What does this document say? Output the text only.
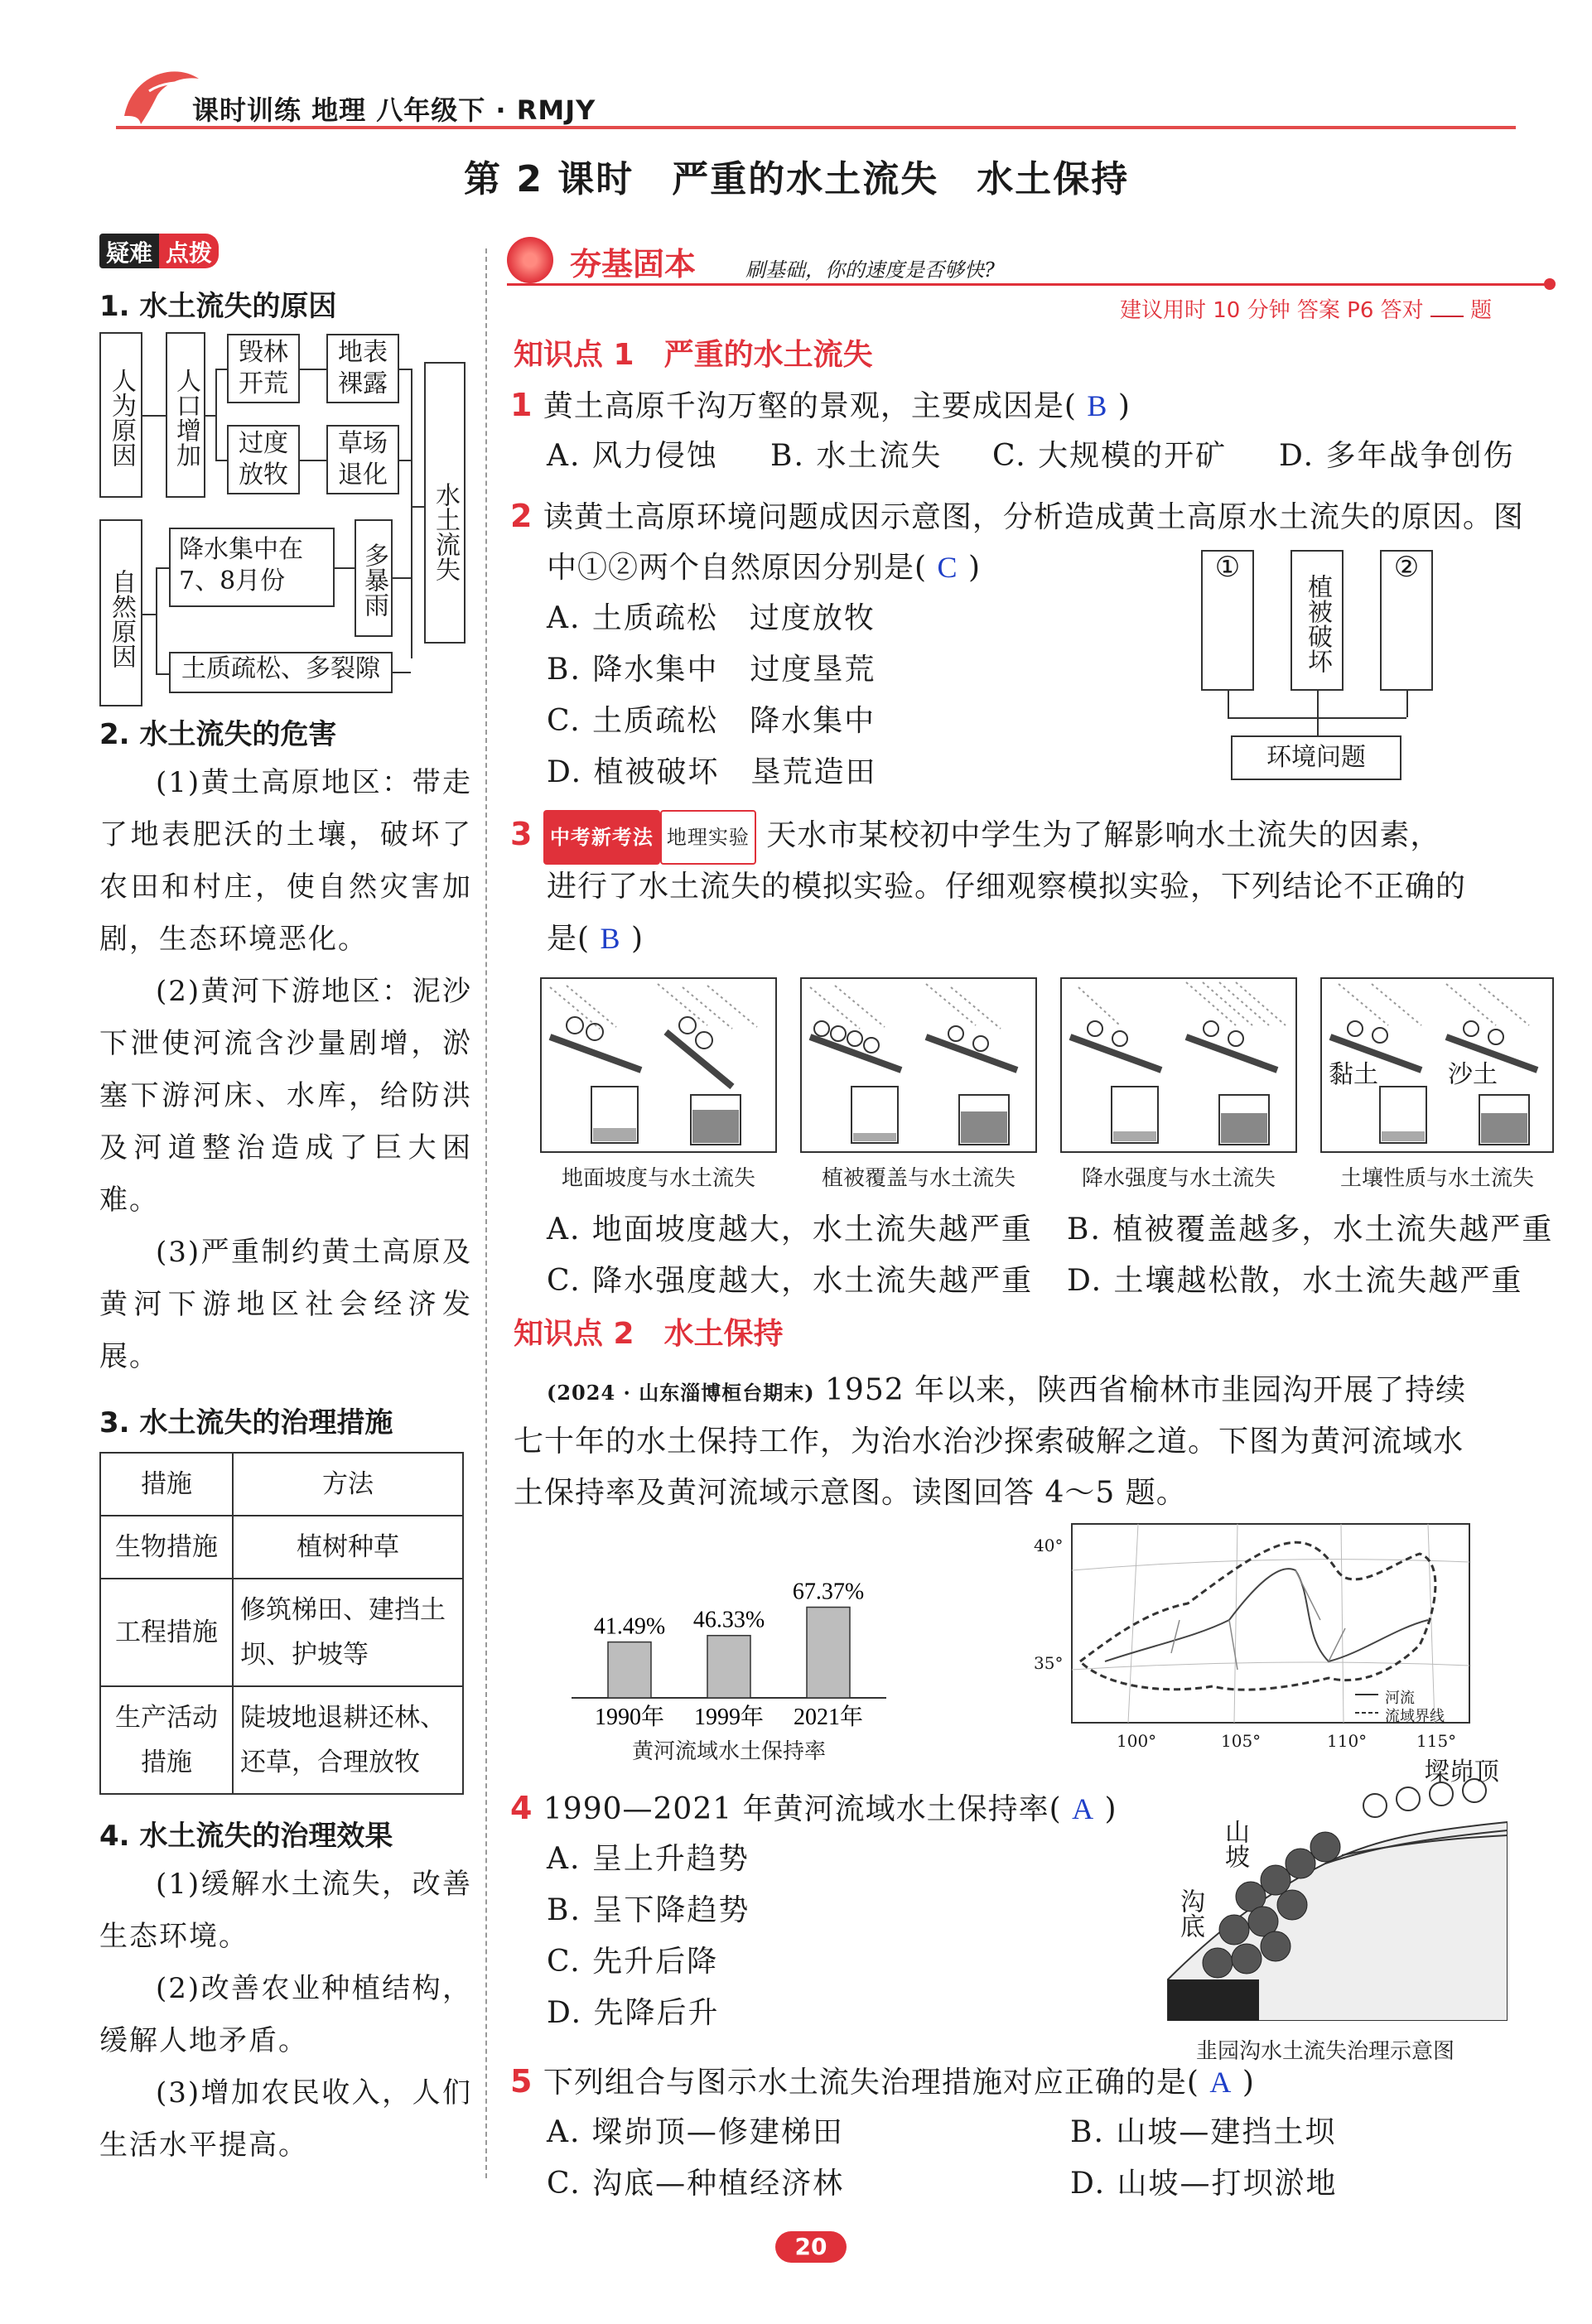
课时训练 地理 八年级下 · RMJY
第 2 课时　严重的水土流失　水土保持
疑难 点拨
1. 水土流失的原因
人为原因 人口增加
毁林开荒
地表裸露
过度放牧
草场退化
自然原因
降水集中在7、8月份	多暴雨
土质疏松、多裂隙
水土流失
2. 水土流失的危害
(1)黄土高原地区：带走了地表肥沃的土壤，破坏了农田和村庄，使自然灾害加剧，生态环境恶化。
(2)黄河下游地区：泥沙下泄使河流含沙量剧增，淤塞下游河床、水库，给防洪及河道整治造成了巨大困难。
(3)严重制约黄土高原及黄河下游地区社会经济发展。
3. 水土流失的治理措施
措施	方法
生物措施	植树种草
工程措施	修筑梯田、建挡土坝、护坡等
生产活动措施	陡坡地退耕还林、还草，合理放牧
4. 水土流失的治理效果
(1)缓解水土流失，改善生态环境。
(2)改善农业种植结构，缓解人地矛盾。
(3)增加农民收入，人们生活水平提高。
夯基固本 刷基础，你的速度是否够快?
建议用时 10 分钟 答案 P6 答对 题
知识点 1　严重的水土流失
1 黄土高原千沟万壑的景观，主要成因是( B )
A. 风力侵蚀 B. 水土流失 C. 大规模的开矿 D. 多年战争创伤
2 读黄土高原环境问题成因示意图，分析造成黄土高原水土流失的原因。图
中①②两个自然原因分别是( C )
A. 土质疏松　过度放牧
B. 降水集中　过度垦荒
C. 土质疏松　降水集中
D. 植被破坏　垦荒造田
①
植被破坏
②
环境问题
3 中考新考法 地理实验 天水市某校初中学生为了解影响水土流失的因素，
进行了水土流失的模拟实验。仔细观察模拟实验，下列结论不正确的
是( B )
黏土	沙土
地面坡度与水土流失	植被覆盖与水土流失	降水强度与水土流失	土壤性质与水土流失
A. 地面坡度越大，水土流失越严重 B. 植被覆盖越多，水土流失越严重
C. 降水强度越大，水土流失越严重 D. 土壤越松散，水土流失越严重
知识点 2　水土保持
(2024 · 山东淄博桓台期末) 1952 年以来，陕西省榆林市韭园沟开展了持续
七十年的水土保持工作，为治水治沙探索破解之道。下图为黄河流域水
土保持率及黄河流域示意图。读图回答 4～5 题。
41.49%
1990年
46.33%
1999年
67.37%
2021年
黄河流域水土保持率
40°
35°
100°	105°	110°	115°
河流
流域界线
4 1990—2021 年黄河流域水土保持率( A )
A. 呈上升趋势
B. 呈下降趋势
C. 先升后降
D. 先降后升
墚峁顶
山坡
沟底
韭园沟水土流失治理示意图
5 下列组合与图示水土流失治理措施对应正确的是( A )
A. 墚峁顶—修建梯田	B. 山坡—建挡土坝
C. 沟底—种植经济林	D. 山坡—打坝淤地
20
